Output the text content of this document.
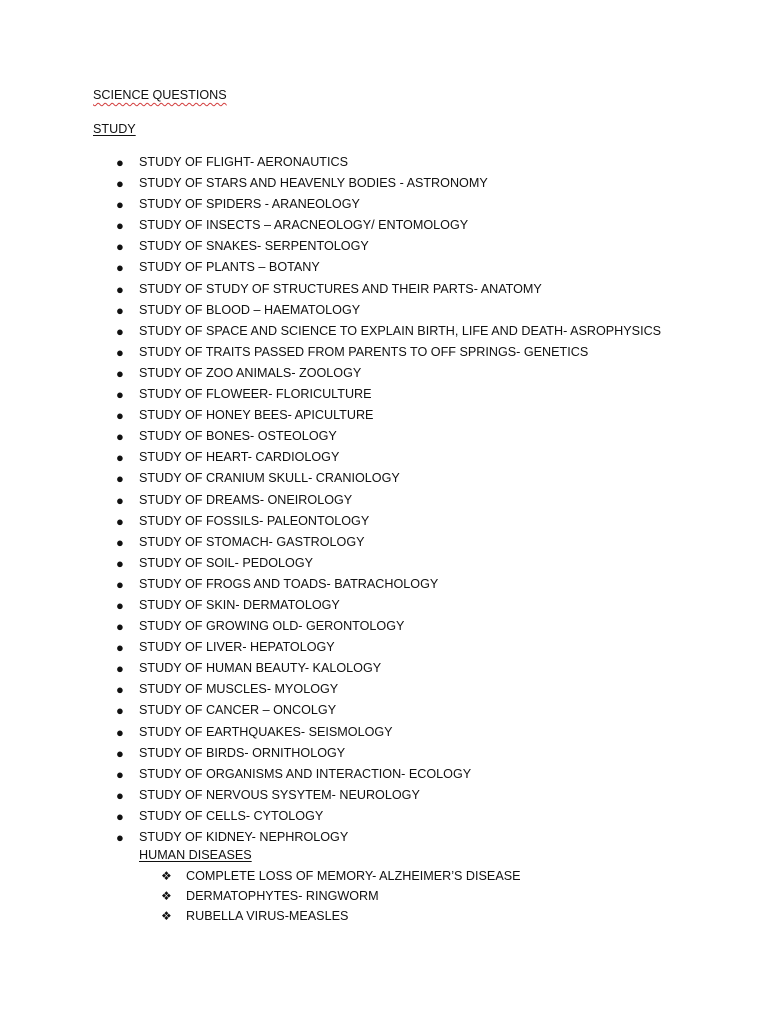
SCIENCE QUESTIONS
STUDY
● STUDY OF FLIGHT- AERONAUTICS
● STUDY OF STARS AND HEAVENLY BODIES - ASTRONOMY
● STUDY OF SPIDERS - ARANEOLOGY
● STUDY OF INSECTS – ARACNEOLOGY/ ENTOMOLOGY
● STUDY OF SNAKES- SERPENTOLOGY
● STUDY OF PLANTS – BOTANY
● STUDY OF STUDY OF STRUCTURES AND THEIR PARTS- ANATOMY
● STUDY OF BLOOD – HAEMATOLOGY
● STUDY OF SPACE AND SCIENCE TO EXPLAIN BIRTH, LIFE AND DEATH- ASROPHYSICS
● STUDY OF TRAITS PASSED FROM PARENTS TO OFF SPRINGS- GENETICS
● STUDY OF ZOO ANIMALS- ZOOLOGY
● STUDY OF FLOWEER- FLORICULTURE
● STUDY OF HONEY BEES- APICULTURE
● STUDY OF BONES- OSTEOLOGY
● STUDY OF HEART- CARDIOLOGY
● STUDY OF CRANIUM SKULL- CRANIOLOGY
● STUDY OF DREAMS- ONEIROLOGY
● STUDY OF FOSSILS- PALEONTOLOGY
● STUDY OF STOMACH- GASTROLOGY
● STUDY OF SOIL- PEDOLOGY
● STUDY OF FROGS AND TOADS- BATRACHOLOGY
● STUDY OF SKIN- DERMATOLOGY
● STUDY OF GROWING OLD- GERONTOLOGY
● STUDY OF LIVER- HEPATOLOGY
● STUDY OF HUMAN BEAUTY- KALOLOGY
● STUDY OF MUSCLES- MYOLOGY
● STUDY OF CANCER – ONCOLGY
● STUDY OF EARTHQUAKES- SEISMOLOGY
● STUDY OF BIRDS- ORNITHOLOGY
● STUDY OF ORGANISMS AND INTERACTION- ECOLOGY
● STUDY OF NERVOUS SYSYTEM- NEUROLOGY
● STUDY OF CELLS- CYTOLOGY
● STUDY OF KIDNEY- NEPHROLOGY
HUMAN DISEASES
❖ COMPLETE LOSS OF MEMORY- ALZHEIMER’S DISEASE
❖ DERMATOPHYTES- RINGWORM
❖ RUBELLA VIRUS-MEASLES
